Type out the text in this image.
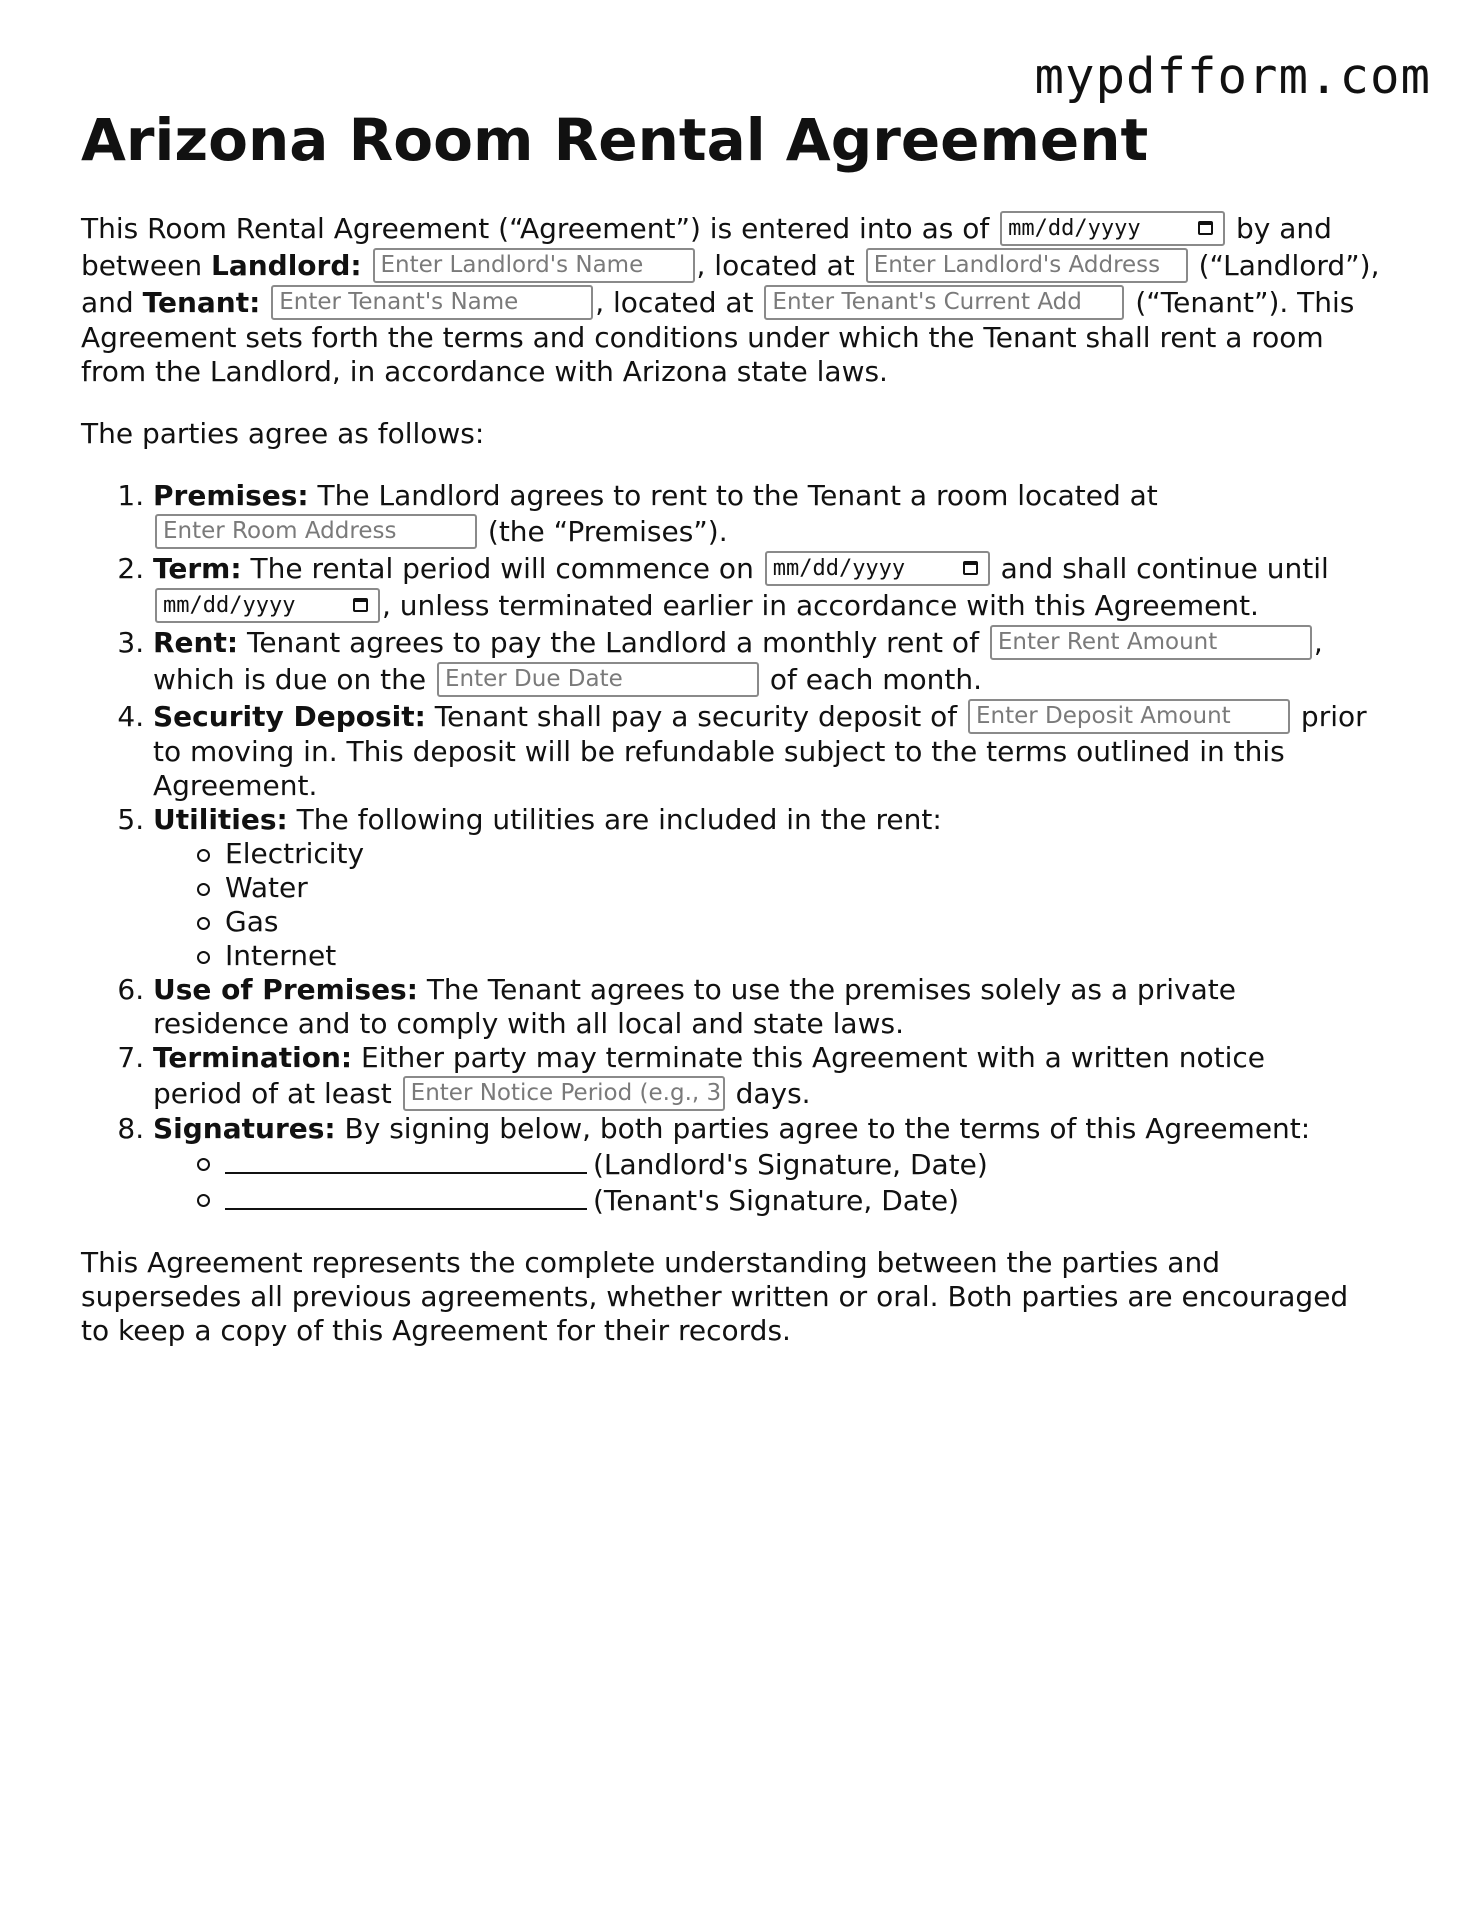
mypdfform.com
Arizona Room Rental Agreement

This Room Rental Agreement (“Agreement”) is entered into as of mm/dd/yyyy	by and
between Landlord: Enter Landlord's Name , located at Enter Landlord's Address (“Landlord”),
and Tenant: Enter Tenant's Name	, located at Enter Tenant's Current Add (“Tenant”). This
Agreement sets forth the terms and conditions under which the Tenant shall rent a room
from the Landlord, in accordance with Arizona state laws.

The parties agree as follows:

1. Premises: The Landlord agrees to rent to the Tenant a room located at
Enter Room Address	(the “Premises”).
2. Term: The rental period will commence on mm/dd/yyyy	and shall continue until
mm/dd/yyyy	, unless terminated earlier in accordance with this Agreement.
3. Rent: Tenant agrees to pay the Landlord a monthly rent of Enter Rent Amount	,
which is due on the Enter Due Date	of each month.
4. Security Deposit: Tenant shall pay a security deposit of Enter Deposit Amount	prior
to moving in. This deposit will be refundable subject to the terms outlined in this
Agreement.
5. Utilities: The following utilities are included in the rent:
Electricity
Water
Gas
Internet
6. Use of Premises: The Tenant agrees to use the premises solely as a private
residence and to comply with all local and state laws.
7. Termination: Either party may terminate this Agreement with a written notice
period of at least Enter Notice Period (e.g., 3 days.
8. Signatures: By signing below, both parties agree to the terms of this Agreement:
(Landlord's Signature, Date)
(Tenant's Signature, Date)

This Agreement represents the complete understanding between the parties and
supersedes all previous agreements, whether written or oral. Both parties are encouraged
to keep a copy of this Agreement for their records.
